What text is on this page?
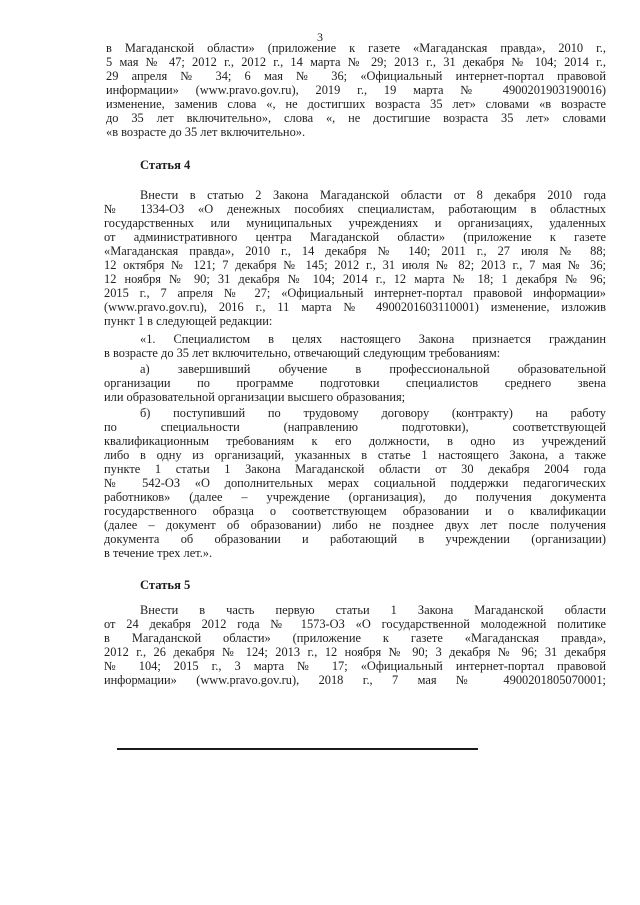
3
в Магаданской области» (приложение к газете «Магаданская правда», 2010 г.,
5 мая № 47; 2012 г., 2012 г., 14 марта № 29; 2013 г., 31 декабря № 104; 2014 г.,
29 апреля № 34; 6 мая № 36; «Официальный интернет-портал правовой
информации» (www.pravo.gov.ru), 2019 г., 19 марта № 4900201903190016)
изменение, заменив слова «, не достигших возраста 35 лет» словами «в возрасте
до 35 лет включительно», слова «, не достигшие возраста 35 лет» словами
«в возрасте до 35 лет включительно».
Статья 4
Внести в статью 2 Закона Магаданской области от 8 декабря 2010 года
№ 1334-ОЗ «О денежных пособиях специалистам, работающим в областных
государственных или муниципальных учреждениях и организациях, удаленных
от административного центра Магаданской области» (приложение к газете
«Магаданская правда», 2010 г., 14 декабря № 140; 2011 г., 27 июля № 88;
12 октября № 121; 7 декабря № 145; 2012 г., 31 июля № 82; 2013 г., 7 мая № 36;
12 ноября № 90; 31 декабря № 104; 2014 г., 12 марта № 18; 1 декабря № 96;
2015 г., 7 апреля № 27; «Официальный интернет-портал правовой информации»
(www.pravo.gov.ru), 2016 г., 11 марта № 4900201603110001) изменение, изложив
пункт 1 в следующей редакции:
«1. Специалистом в целях настоящего Закона признается гражданин
в возрасте до 35 лет включительно, отвечающий следующим требованиям:
а) завершивший обучение в профессиональной образовательной
организации по программе подготовки специалистов среднего звена
или образовательной организации высшего образования;
б) поступивший по трудовому договору (контракту) на работу
по специальности (направлению подготовки), соответствующей
квалификационным требованиям к его должности, в одно из учреждений
либо в одну из организаций, указанных в статье 1 настоящего Закона, а также
пункте 1 статьи 1 Закона Магаданской области от 30 декабря 2004 года
№ 542-ОЗ «О дополнительных мерах социальной поддержки педагогических
работников» (далее – учреждение (организация), до получения документа
государственного образца о соответствующем образовании и о квалификации
(далее – документ об образовании) либо не позднее двух лет после получения
документа об образовании и работающий в учреждении (организации)
в течение трех лет.».
Статья 5
Внести в часть первую статьи 1 Закона Магаданской области
от 24 декабря 2012 года № 1573-ОЗ «О государственной молодежной политике
в Магаданской области» (приложение к газете «Магаданская правда»,
2012 г., 26 декабря № 124; 2013 г., 12 ноября № 90; 3 декабря № 96; 31 декабря
№ 104; 2015 г., 3 марта № 17; «Официальный интернет-портал правовой
информации» (www.pravo.gov.ru), 2018 г., 7 мая № 4900201805070001;
